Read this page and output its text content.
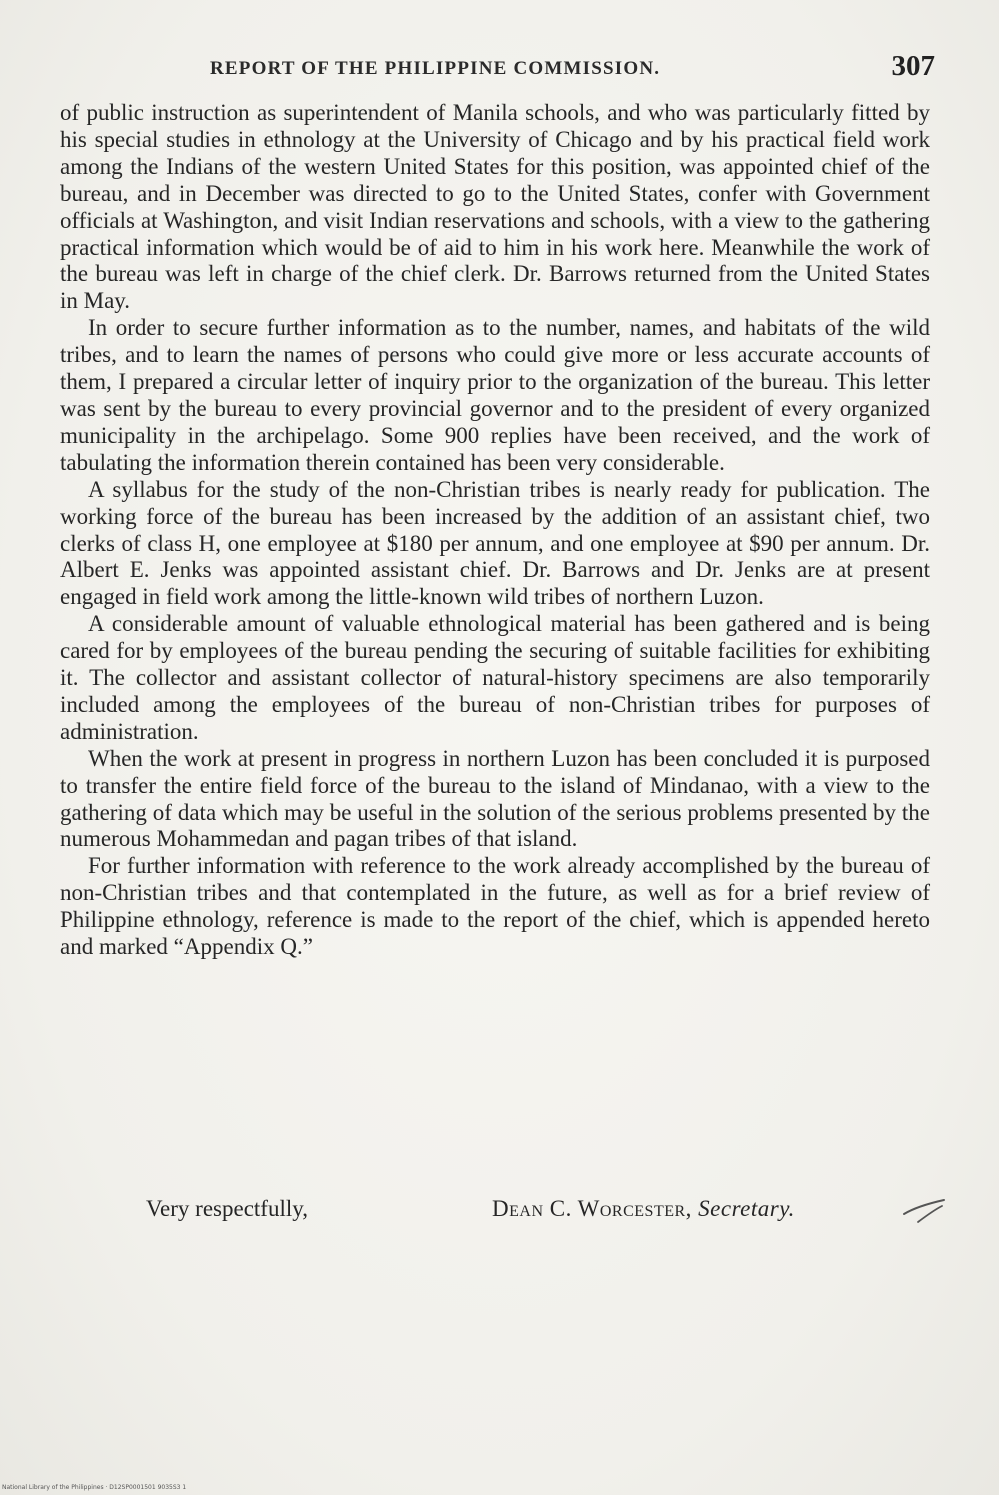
REPORT OF THE PHILIPPINE COMMISSION.	307

of public instruction as superintendent of Manila schools, and who was particularly fitted by his special studies in ethnology at the University of Chicago and by his practical field work among the Indians of the western United States for this position, was appointed chief of the bureau, and in December was directed to go to the United States, confer with Government officials at Washington, and visit Indian reservations and schools, with a view to the gathering practical information which would be of aid to him in his work here. Meanwhile the work of the bureau was left in charge of the chief clerk. Dr. Barrows returned from the United States in May.

In order to secure further information as to the number, names, and habitats of the wild tribes, and to learn the names of persons who could give more or less accurate accounts of them, I prepared a circular letter of inquiry prior to the organization of the bureau. This letter was sent by the bureau to every provincial governor and to the president of every organized municipality in the archipelago. Some 900 replies have been received, and the work of tabulating the information therein contained has been very considerable.

A syllabus for the study of the non-Christian tribes is nearly ready for publication. The working force of the bureau has been increased by the addition of an assistant chief, two clerks of class H, one employee at $180 per annum, and one employee at $90 per annum. Dr. Albert E. Jenks was appointed assistant chief. Dr. Barrows and Dr. Jenks are at present engaged in field work among the little-known wild tribes of northern Luzon.

A considerable amount of valuable ethnological material has been gathered and is being cared for by employees of the bureau pending the securing of suitable facilities for exhibiting it. The collector and assistant collector of natural-history specimens are also temporarily included among the employees of the bureau of non-Christian tribes for purposes of administration.

When the work at present in progress in northern Luzon has been concluded it is purposed to transfer the entire field force of the bureau to the island of Mindanao, with a view to the gathering of data which may be useful in the solution of the serious problems presented by the numerous Mohammedan and pagan tribes of that island.

For further information with reference to the work already accomplished by the bureau of non-Christian tribes and that contemplated in the future, as well as for a brief review of Philippine ethnology, reference is made to the report of the chief, which is appended hereto and marked “Appendix Q.”

Very respectfully,	Dean C. Worcester, Secretary.
National Library of the Philippines · D12SP0001501 9035S3 1
